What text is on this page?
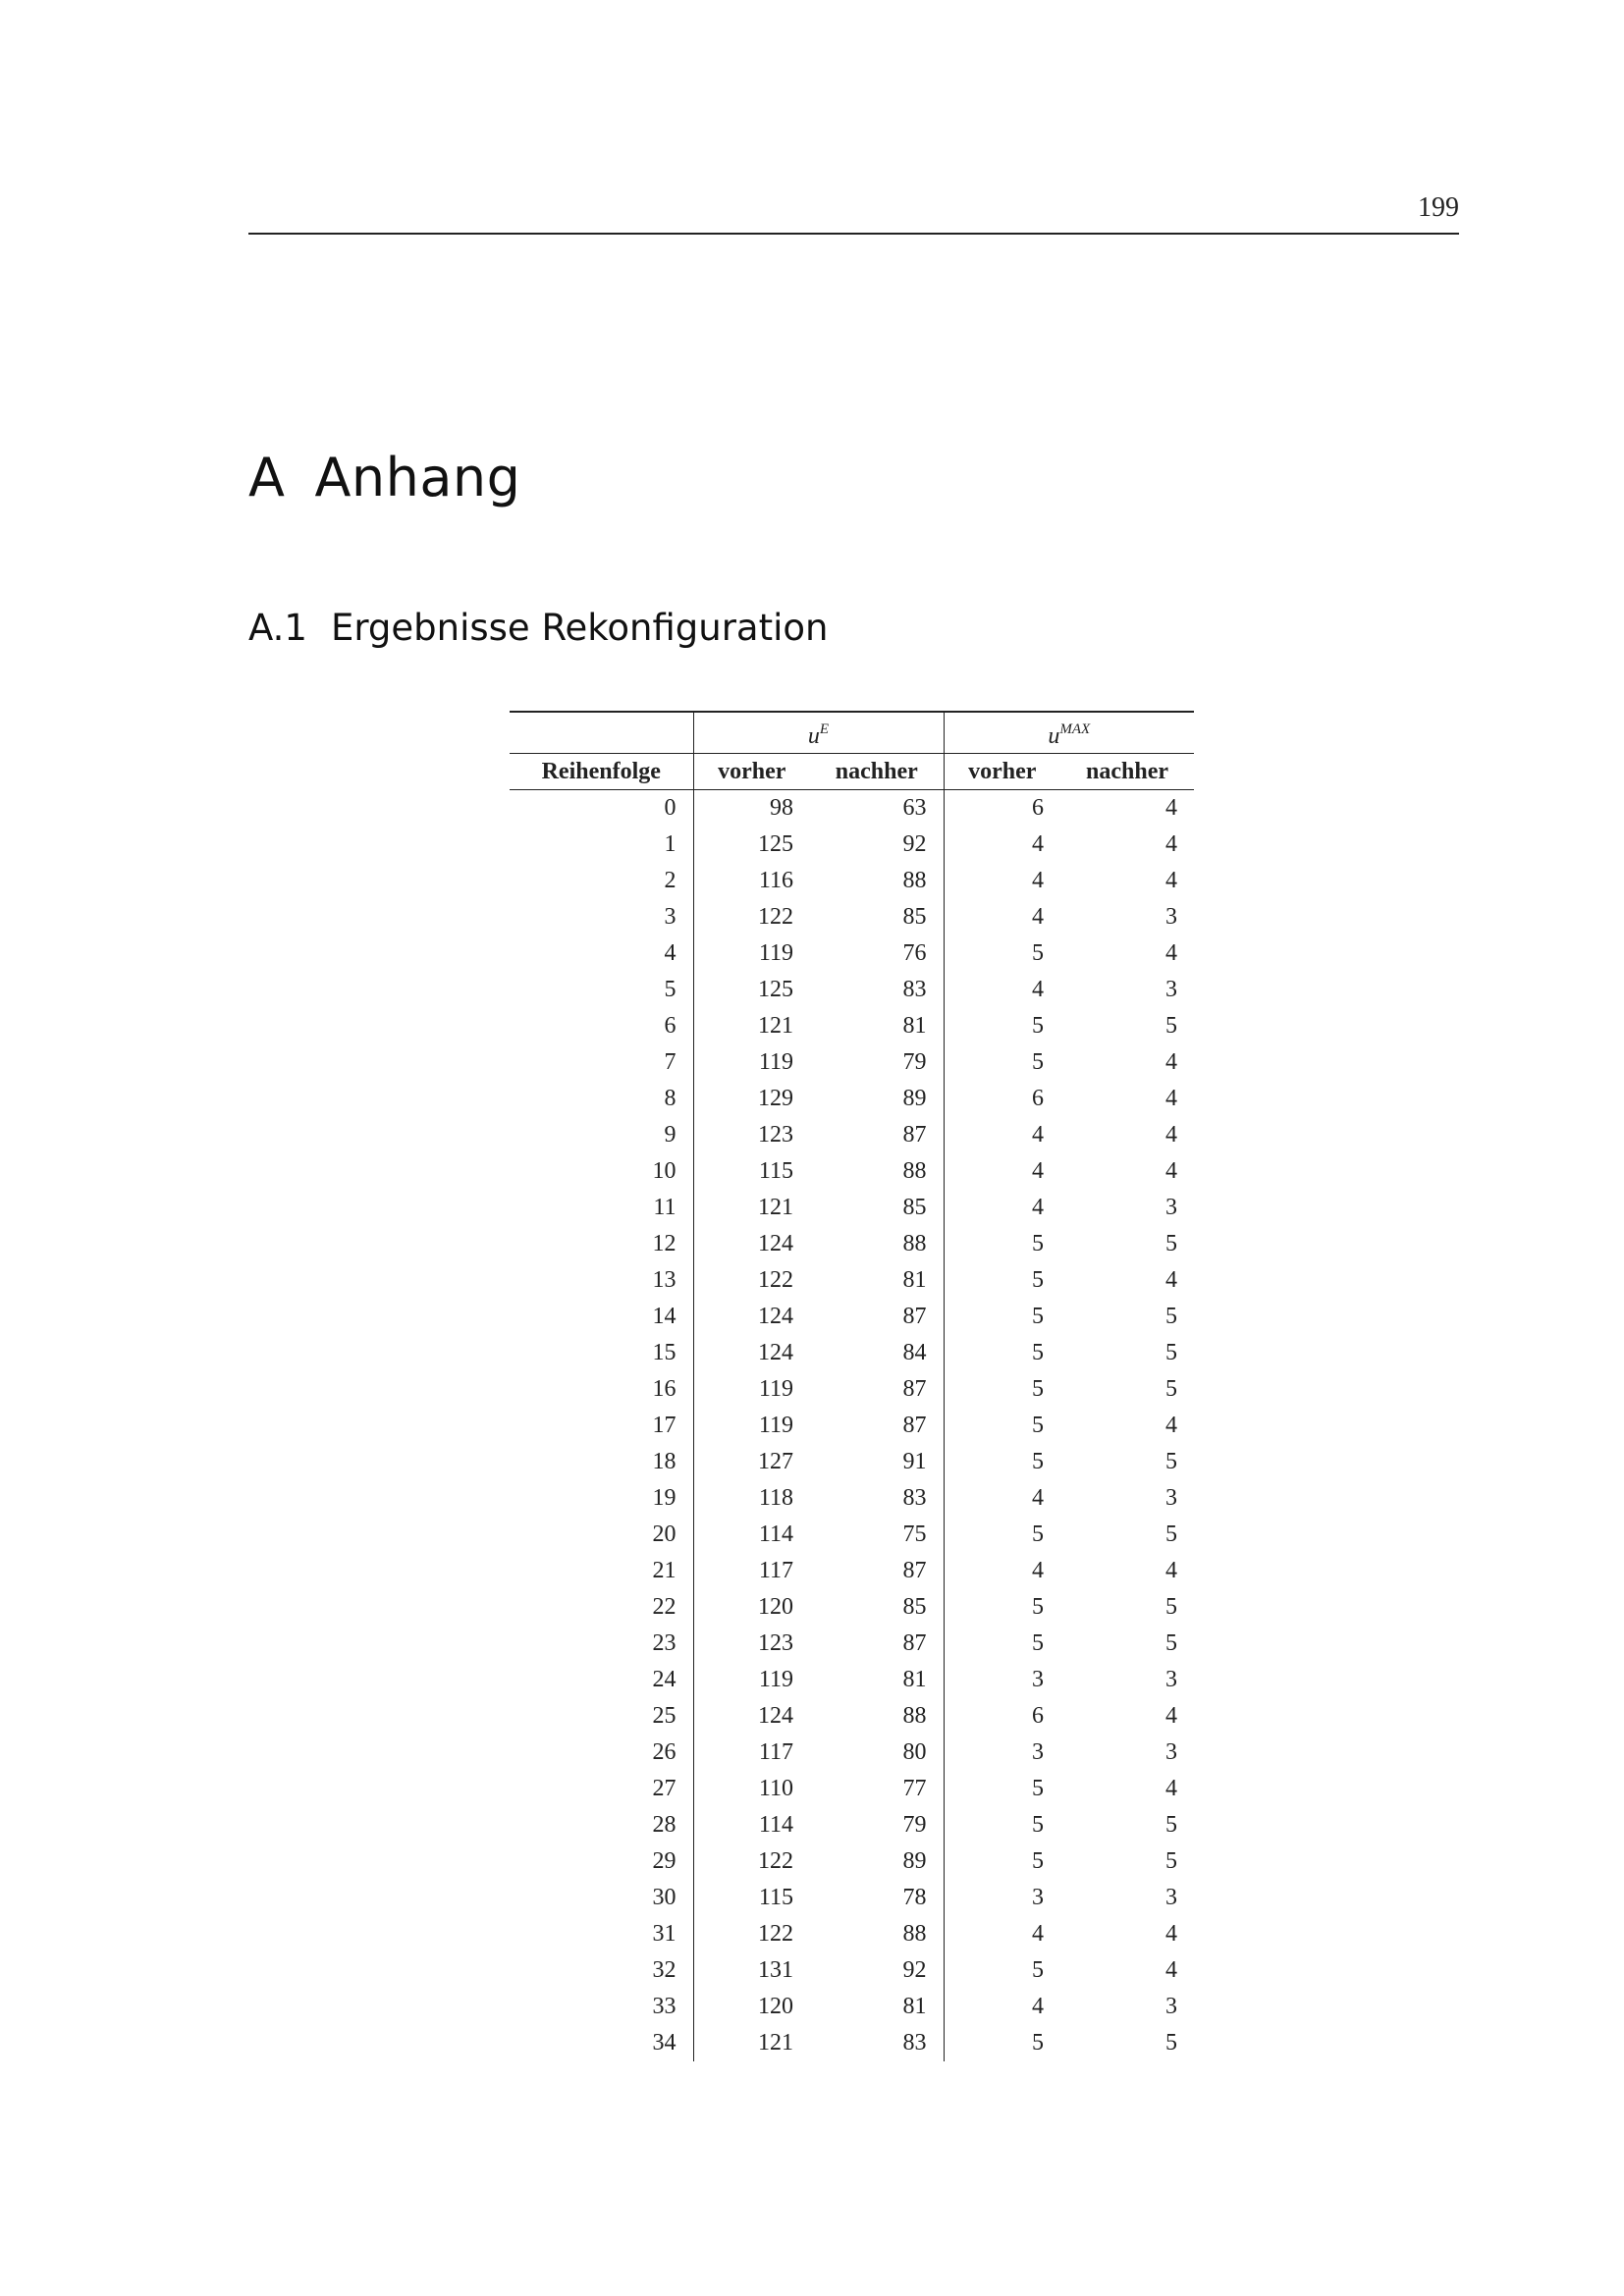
199
A Anhang
A.1 Ergebnisse Rekonfiguration
	$u^E$		$u^{MAX}$
Reihenfolge	vorher	nachher	vorher	nachher
0	98	63	6	4
1	125	92	4	4
2	116	88	4	4
3	122	85	4	3
4	119	76	5	4
5	125	83	4	3
6	121	81	5	5
7	119	79	5	4
8	129	89	6	4
9	123	87	4	4
10	115	88	4	4
11	121	85	4	3
12	124	88	5	5
13	122	81	5	4
14	124	87	5	5
15	124	84	5	5
16	119	87	5	5
17	119	87	5	4
18	127	91	5	5
19	118	83	4	3
20	114	75	5	5
21	117	87	4	4
22	120	85	5	5
23	123	87	5	5
24	119	81	3	3
25	124	88	6	4
26	117	80	3	3
27	110	77	5	4
28	114	79	5	5
29	122	89	5	5
30	115	78	3	3
31	122	88	4	4
32	131	92	5	4
33	120	81	4	3
34	121	83	5	5
